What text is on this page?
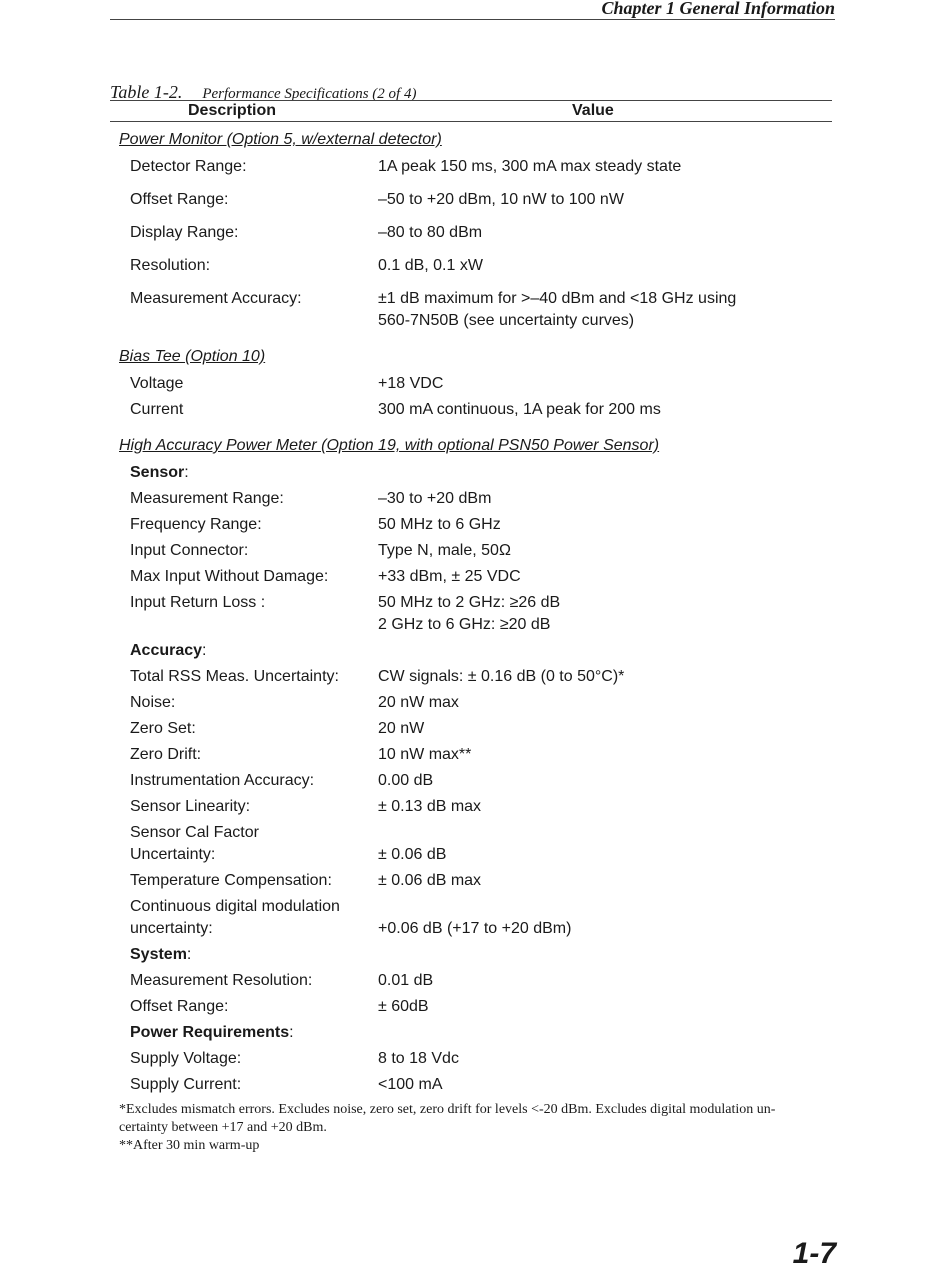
Chapter 1 General Information
Table 1-2. Performance Specifications (2 of 4)
Description	Value
Power Monitor (Option 5, w/external detector)
Detector Range:	1A peak 150 ms, 300 mA max steady state
Offset Range:	–50 to +20 dBm, 10 nW to 100 nW
Display Range:	–80 to 80 dBm
Resolution:	0.1 dB, 0.1 xW
Measurement Accuracy:	±1 dB maximum for >–40 dBm and <18 GHz using
560-7N50B (see uncertainty curves)
Bias Tee (Option 10)
Voltage	+18 VDC
Current	300 mA continuous, 1A peak for 200 ms
High Accuracy Power Meter (Option 19, with optional PSN50 Power Sensor)
Sensor:
Measurement Range:	–30 to +20 dBm
Frequency Range:	50 MHz to 6 GHz
Input Connector:	Type N, male, 50Ω
Max Input Without Damage:	+33 dBm, ± 25 VDC
Input Return Loss :	50 MHz to 2 GHz: ≥26 dB
2 GHz to 6 GHz: ≥20 dB
Accuracy:
Total RSS Meas. Uncertainty: CW signals: ± 0.16 dB (0 to 50°C)*
Noise:	20 nW max
Zero Set:	20 nW
Zero Drift:	10 nW max**
Instrumentation Accuracy:	0.00 dB
Sensor Linearity:	± 0.13 dB max
Sensor Cal Factor
Uncertainty:	± 0.06 dB
Temperature Compensation:	± 0.06 dB max
Continuous digital modulation
uncertainty:	+0.06 dB (+17 to +20 dBm)
System:
Measurement Resolution:	0.01 dB
Offset Range:	± 60dB
Power Requirements:
Supply Voltage:	8 to 18 Vdc
Supply Current:	<100 mA
*Excludes mismatch errors. Excludes noise, zero set, zero drift for levels <-20 dBm. Excludes digital modulation un-
certainty between +17 and +20 dBm.
**After 30 min warm-up
1-7
